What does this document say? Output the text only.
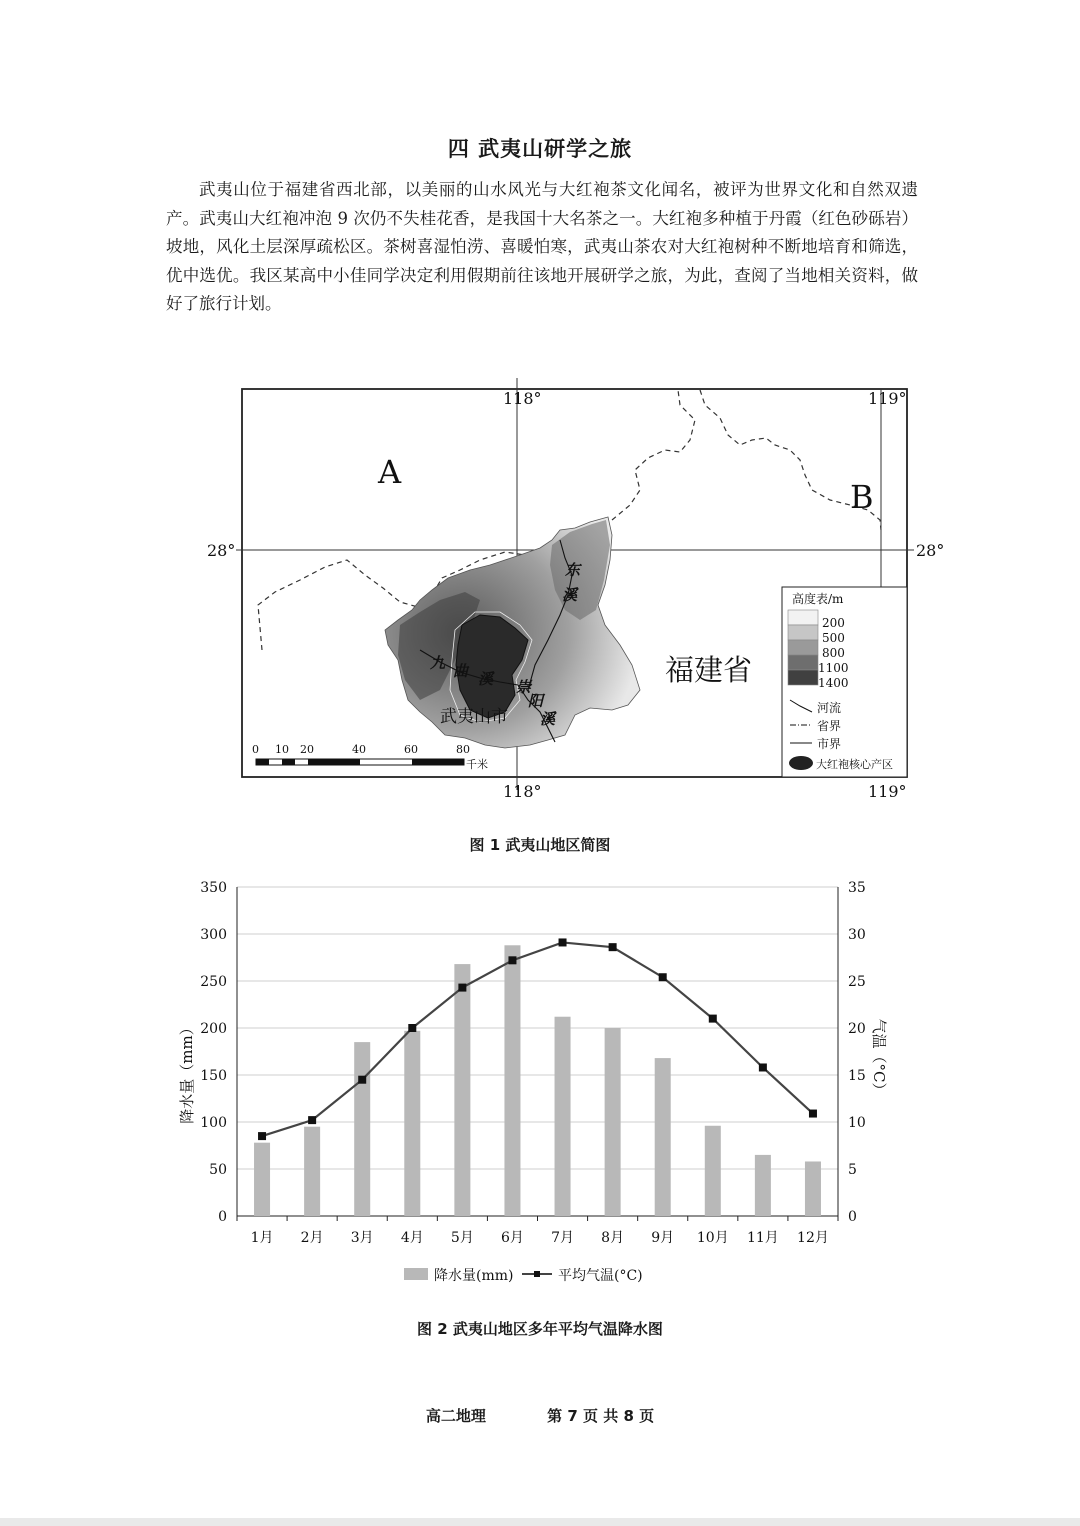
四 武夷山研学之旅

武夷山位于福建省西北部，以美丽的山水风光与大红袍茶文化闻名，被评为世界文化和自然双遗产。武夷山大红袍冲泡 9 次仍不失桂花香，是我国十大名茶之一。大红袍多种植于丹霞（红色砂砾岩）坡地，风化土层深厚疏松区。茶树喜湿怕涝、喜暖怕寒，武夷山茶农对大红袍树种不断地培育和筛选，优中选优。我区某高中小佳同学决定利用假期前往该地开展研学之旅，为此，查阅了当地相关资料，做好了旅行计划。

A
B
福建省
武夷山市
东
溪
九 曲 溪 崇
阳
溪
118°	119°
118°	119°
28°	28°
0 10 20	40	60	80
千米
高度表/m
200
500
800
1100
1400
河流
省界
市界
大红袍核心产区
图 1 武夷山地区简图
降水量（mm）	气温（°C）
0
50
100
150
200
250
300
350
0
5
10
15
20
25
30
35
1月 2月 3月 4月 5月 6月 7月 8月 9月 10月 11月 12月
降水量(mm)	平均气温(°C)
图 2 武夷山地区多年平均气温降水图
高二地理	第 7 页 共 8 页
